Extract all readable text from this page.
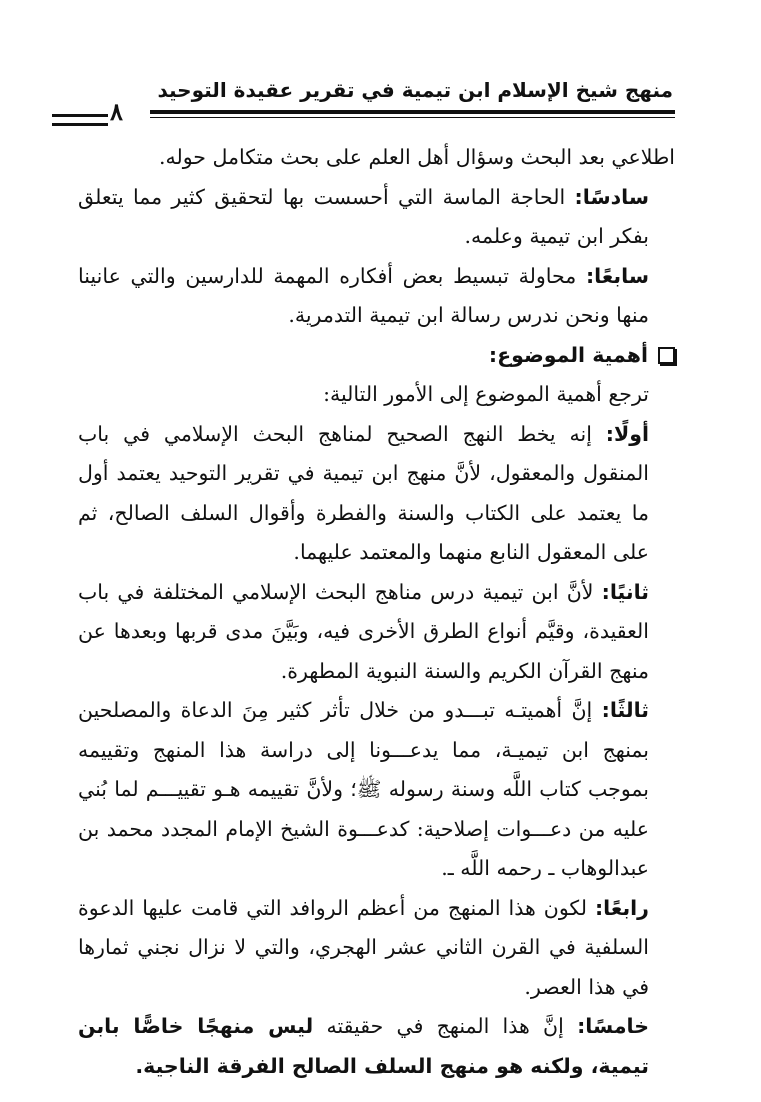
منهج شيخ الإسلام ابن تيمية في تقرير عقيدة التوحيد
٨

اطلاعي بعد البحث وسؤال أهل العلم على بحث متكامل حوله.

سادسًا: الحاجة الماسة التي أحسست بها لتحقيق كثير مما يتعلق بفكر ابن تيمية وعلمه.

سابعًا: محاولة تبسيط بعض أفكاره المهمة للدارسين والتي عانينا منها ونحن ندرس رسالة ابن تيمية التدمرية.

أهمية الموضوع:

ترجع أهمية الموضوع إلى الأمور التالية:

أولًا: إنه يخط النهج الصحيح لمناهج البحث الإسلامي في باب المنقول والمعقول، لأنَّ منهج ابن تيمية في تقرير التوحيد يعتمد أول ما يعتمد على الكتاب والسنة والفطرة وأقوال السلف الصالح، ثم على المعقول النابع منهما والمعتمد عليهما.

ثانيًا: لأنَّ ابن تيمية درس مناهج البحث الإسلامي المختلفة في باب العقيدة، وقيَّم أنواع الطرق الأخرى فيه، وبَيَّنَ مدى قربها وبعدها عن منهج القرآن الكريم والسنة النبوية المطهرة.

ثالثًا: إنَّ أهميتـه تبـــدو من خلال تأثر كثير مِنَ الدعاة والمصلحين بمنهج ابن تيميـة، مما يدعـــونا إلى دراسة هذا المنهج وتقييمه بموجب كتاب اللَّه وسنة رسوله ﷺ؛ ولأنَّ تقييمه هـو تقييـــم لما بُني عليه من دعـــوات إصلاحية: كدعـــوة الشيخ الإمام المجدد محمد بن عبدالوهاب ـ رحمه اللَّه ـ.

رابعًا: لكون هذا المنهج من أعظم الروافد التي قامت عليها الدعوة السلفية في القرن الثاني عشر الهجري، والتي لا نزال نجني ثمارها في هذا العصر.

خامسًا: إنَّ هذا المنهج في حقيقته ليس منهجًا خاصًّا بابن تيمية، ولكنه هو منهج السلف الصالح الفرقة الناجية.
